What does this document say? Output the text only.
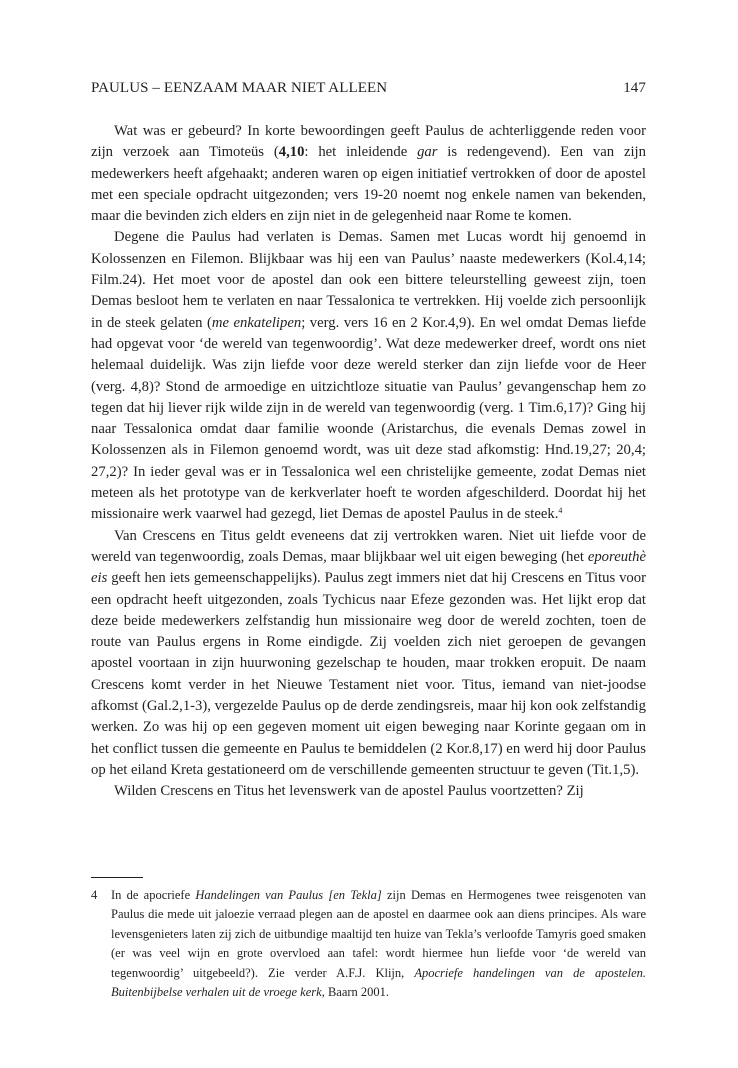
PAULUS – EENZAAM MAAR NIET ALLEEN	147

Wat was er gebeurd? In korte bewoordingen geeft Paulus de achterliggende reden voor zijn verzoek aan Timoteüs (4,10: het inleidende gar is redengevend). Een van zijn medewerkers heeft afgehaakt; anderen waren op eigen initiatief vertrokken of door de apostel met een speciale opdracht uitgezonden; vers 19-20 noemt nog enkele namen van bekenden, maar die bevinden zich elders en zijn niet in de gelegenheid naar Rome te komen.

Degene die Paulus had verlaten is Demas. Samen met Lucas wordt hij genoemd in Kolossenzen en Filemon. Blijkbaar was hij een van Paulus’ naaste medewerkers (Kol.4,14; Film.24). Het moet voor de apostel dan ook een bittere teleurstelling geweest zijn, toen Demas besloot hem te verlaten en naar Tessalonica te vertrekken. Hij voelde zich persoonlijk in de steek gelaten (me enkatelipen; verg. vers 16 en 2 Kor.4,9). En wel omdat Demas liefde had opgevat voor ‘de wereld van tegenwoordig’. Wat deze medewerker dreef, wordt ons niet helemaal duidelijk. Was zijn liefde voor deze wereld sterker dan zijn liefde voor de Heer (verg. 4,8)? Stond de armoedige en uitzichtloze situatie van Paulus’ gevangenschap hem zo tegen dat hij liever rijk wilde zijn in de wereld van tegenwoordig (verg. 1 Tim.6,17)? Ging hij naar Tessalonica omdat daar familie woonde (Aristarchus, die evenals Demas zowel in Kolossenzen als in Filemon genoemd wordt, was uit deze stad afkomstig: Hnd.19,27; 20,4; 27,2)? In ieder geval was er in Tessalonica wel een christelijke gemeente, zodat Demas niet meteen als het prototype van de kerkverlater hoeft te worden afgeschilderd. Doordat hij het missionaire werk vaarwel had gezegd, liet Demas de apostel Paulus in de steek.$^4$

Van Crescens en Titus geldt eveneens dat zij vertrokken waren. Niet uit liefde voor de wereld van tegenwoordig, zoals Demas, maar blijkbaar wel uit eigen beweging (het eporeuthè eis geeft hen iets gemeenschappelijks). Paulus zegt immers niet dat hij Crescens en Titus voor een opdracht heeft uitgezonden, zoals Tychicus naar Efeze gezonden was. Het lijkt erop dat deze beide medewerkers zelfstandig hun missionaire weg door de wereld zochten, toen de route van Paulus ergens in Rome eindigde. Zij voelden zich niet geroepen de gevangen apostel voortaan in zijn huurwoning gezelschap te houden, maar trokken eropuit. De naam Crescens komt verder in het Nieuwe Testament niet voor. Titus, iemand van niet-joodse afkomst (Gal.2,1-3), vergezelde Paulus op de derde zendingsreis, maar hij kon ook zelfstandig werken. Zo was hij op een gegeven moment uit eigen beweging naar Korinte gegaan om in het conflict tussen die gemeente en Paulus te bemiddelen (2 Kor.8,17) en werd hij door Paulus op het eiland Kreta gestationeerd om de verschillende gemeenten structuur te geven (Tit.1,5).

Wilden Crescens en Titus het levenswerk van de apostel Paulus voortzetten? Zij

4 In de apocriefe Handelingen van Paulus [en Tekla] zijn Demas en Hermogenes twee reisgenoten van Paulus die mede uit jaloezie verraad plegen aan de apostel en daarmee ook aan diens principes. Als ware levensgenieters laten zij zich de uitbundige maaltijd ten huize van Tekla’s verloofde Tamyris goed smaken (er was veel wijn en grote overvloed aan tafel: wordt hiermee hun liefde voor ‘de wereld van tegenwoordig’ uitgebeeld?). Zie verder A.F.J. Klijn, Apocriefe handelingen van de apostelen. Buitenbijbelse verhalen uit de vroege kerk, Baarn 2001.
